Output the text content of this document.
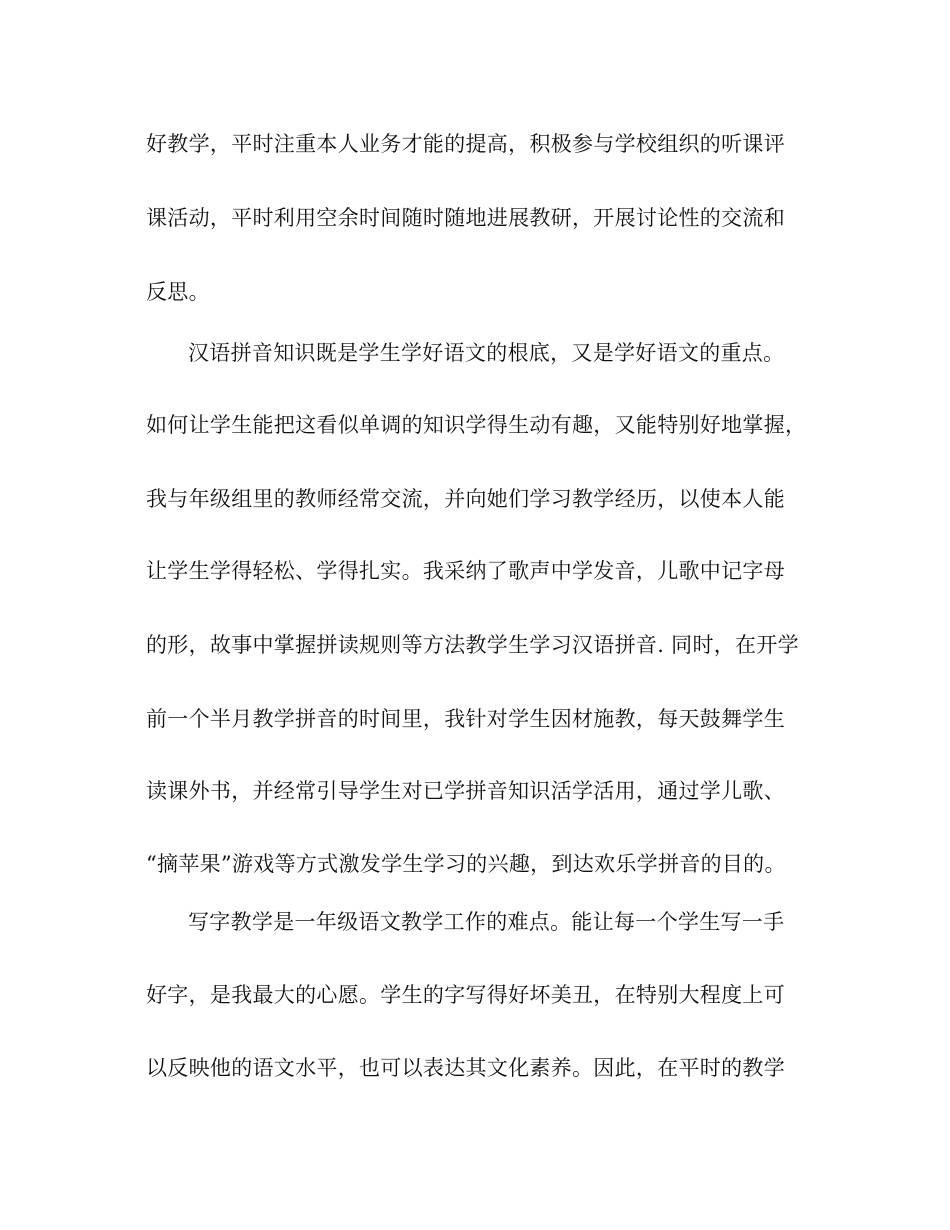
好教学，平时注重本人业务才能的提高，积极参与学校组织的听课评
课活动，平时利用空余时间随时随地进展教研，开展讨论性的交流和
反思。
汉语拼音知识既是学生学好语文的根底，又是学好语文的重点。
如何让学生能把这看似单调的知识学得生动有趣，又能特别好地掌握，
我与年级组里的教师经常交流，并向她们学习教学经历，以使本人能
让学生学得轻松、学得扎实。我采纳了歌声中学发音，儿歌中记字母
的形，故事中掌握拼读规则等方法教学生学习汉语拼音. 同时，在开学
前一个半月教学拼音的时间里，我针对学生因材施教，每天鼓舞学生
读课外书，并经常引导学生对已学拼音知识活学活用，通过学儿歌、
“摘苹果”游戏等方式激发学生学习的兴趣，到达欢乐学拼音的目的。
写字教学是一年级语文教学工作的难点。能让每一个学生写一手
好字，是我最大的心愿。学生的字写得好坏美丑，在特别大程度上可
以反映他的语文水平，也可以表达其文化素养。因此，在平时的教学
